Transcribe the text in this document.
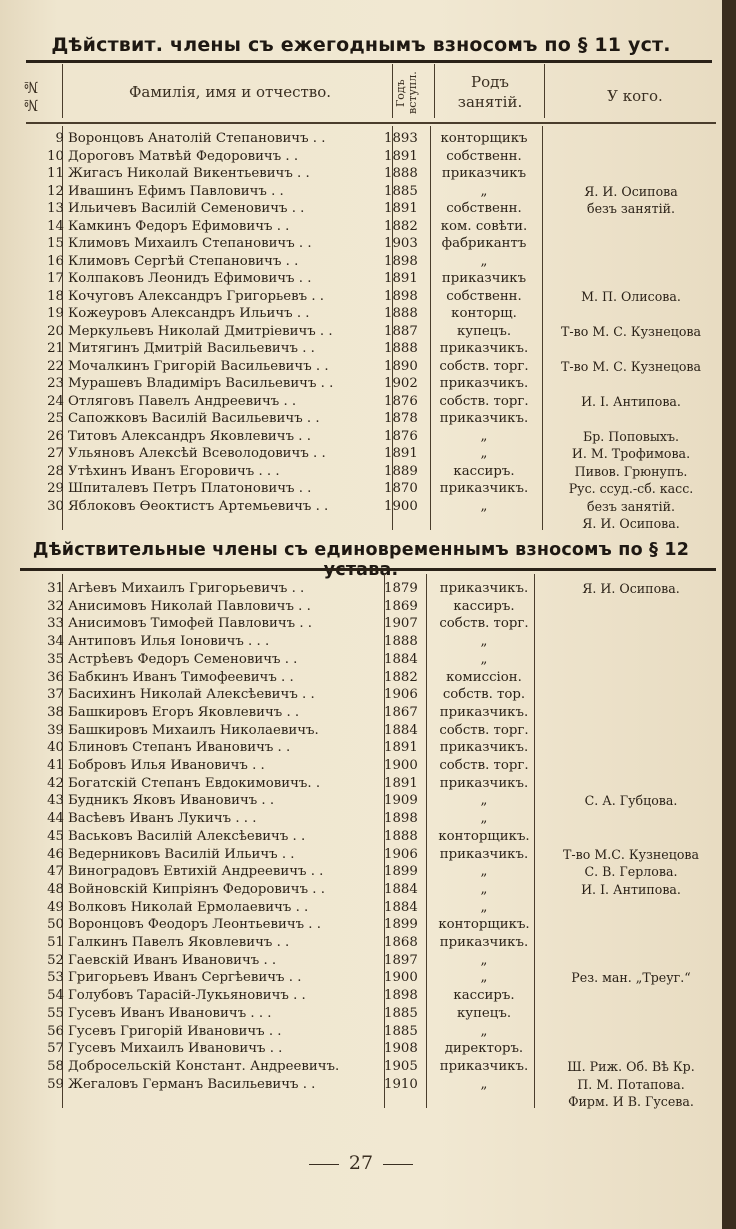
Дѣйствит. члены съ ежегоднымъ взносомъ по § 11 уст.
№№	Фамилія, имя и отчество.	Годъ вступл.	Родъ занятій.	У кого.
9 Воронцовъ Анатолій Степановичъ . .	1893	конторщикъ
10 Дороговъ Матвѣй Федоровичъ . .	1891	собственн.
11 Жигасъ Николай Викентьевичъ . .	1888	приказчикъ
12 Ивашинъ Ефимъ Павловичъ . .	1885	„	Я. И. Осипова
13 Ильичевъ Василій Семеновичъ . .	1891	собственн.	безъ занятій.
14 Камкинъ Федоръ Ефимовичъ . .	1882	ком. совѣти.
15 Климовъ Михаилъ Степановичъ . .	1903	фабрикантъ
16 Климовъ Сергѣй Степановичъ . .	1898	„
17 Колпаковъ Леонидъ Ефимовичъ . .	1891	приказчикъ
18 Кочуговъ Александръ Григорьевъ . .	1898	собственн.	М. П. Олисова.
19 Кожеуровъ Александръ Ильичъ . .	1888	конторщ.
20 Меркульевъ Николай Дмитріевичъ . .	1887	купецъ.	Т-во М. С. Кузнецова
21 Митягинъ Дмитрій Васильевичъ . .	1888	приказчикъ.
22 Мочалкинъ Григорій Васильевичъ . .	1890	собств. торг.	Т-во М. С. Кузнецова
23 Мурашевъ Владиміръ Васильевичъ . .	1902	приказчикъ.
24 Отляговъ Павелъ Андреевичъ . .	1876	собств. торг.	И. І. Антипова.
25 Сапожковъ Василій Васильевичъ . .	1878	приказчикъ.
26 Титовъ Александръ Яковлевичъ . .	1876	„	Бр. Поповыхъ.
27 Ульяновъ Алексѣй Всеволодовичъ . .	1891	„	И. М. Трофимова.
28 Утѣхинъ Иванъ Егоровичъ . . .	1889	кассиръ.	Пивов. Грюнупъ.
29 Шпиталевъ Петръ Платоновичъ . .	1870	приказчикъ.	Рус. ссуд.-сб. касс.
30 Яблоковъ Ѳеоктистъ Артемьевичъ . .	1900	„	безъ занятій.
Я. И. Осипова.
Дѣйствительные члены съ единовременнымъ взносомъ по § 12 устава.
31 Агѣевъ Михаилъ Григорьевичъ . .	1879	приказчикъ.	Я. И. Осипова.
32 Анисимовъ Николай Павловичъ . .	1869	кассиръ.
33 Анисимовъ Тимофей Павловичъ . .	1907	собств. торг.
34 Антиповъ Илья Іоновичъ . . .	1888	„
35 Астрѣевъ Федоръ Семеновичъ . .	1884	„
36 Бабкинъ Иванъ Тимофеевичъ . .	1882	комиссіон.
37 Басихинъ Николай Алексѣевичъ . .	1906	собств. тор.
38 Башкировъ Егоръ Яковлевичъ . .	1867	приказчикъ.
39 Башкировъ Михаилъ Николаевичъ.	1884	собств. торг.
40 Блиновъ Степанъ Ивановичъ . .	1891	приказчикъ.
41 Бобровъ Илья Ивановичъ . .	1900	собств. торг.
42 Богатскій Степанъ Евдокимовичъ. .	1891	приказчикъ.
43 Будникъ Яковъ Ивановичъ . .	1909	„	С. А. Губцова.
44 Васѣевъ Иванъ Лукичъ . . .	1898	„
45 Васьковъ Василій Алексѣевичъ . .	1888	конторщикъ.
46 Ведерниковъ Василій Ильичъ . .	1906	приказчикъ.	Т-во М.С. Кузнецова
47 Виноградовъ Евтихій Андреевичъ . .	1899	„	С. В. Герлова.
48 Войновскій Кипріянъ Федоровичъ . .	1884	„	И. І. Антипова.
49 Волковъ Николай Ермолаевичъ . .	1884	„
50 Воронцовъ Феодоръ Леонтьевичъ . .	1899	конторщикъ.
51 Галкинъ Павелъ Яковлевичъ . .	1868	приказчикъ.
52 Гаевскій Иванъ Ивановичъ . .	1897	„
53 Григорьевъ Иванъ Сергѣевичъ . .	1900	„	Рез. ман. „Треуг.“
54 Голубовъ Тарасій-Лукьяновичъ . .	1898	кассиръ.
55 Гусевъ Иванъ Ивановичъ . . .	1885	купецъ.
56 Гусевъ Григорій Ивановичъ . .	1885	„
57 Гусевъ Михаилъ Ивановичъ . .	1908	директоръ.
58 Добросельскій Констант. Андреевичъ.	1905	приказчикъ.	Ш. Риж. Об. Вѣ Кр.
59 Жегаловъ Германъ Васильевичъ . .	1910	„	П. М. Потапова.
Фирм. И В. Гусева.
27
